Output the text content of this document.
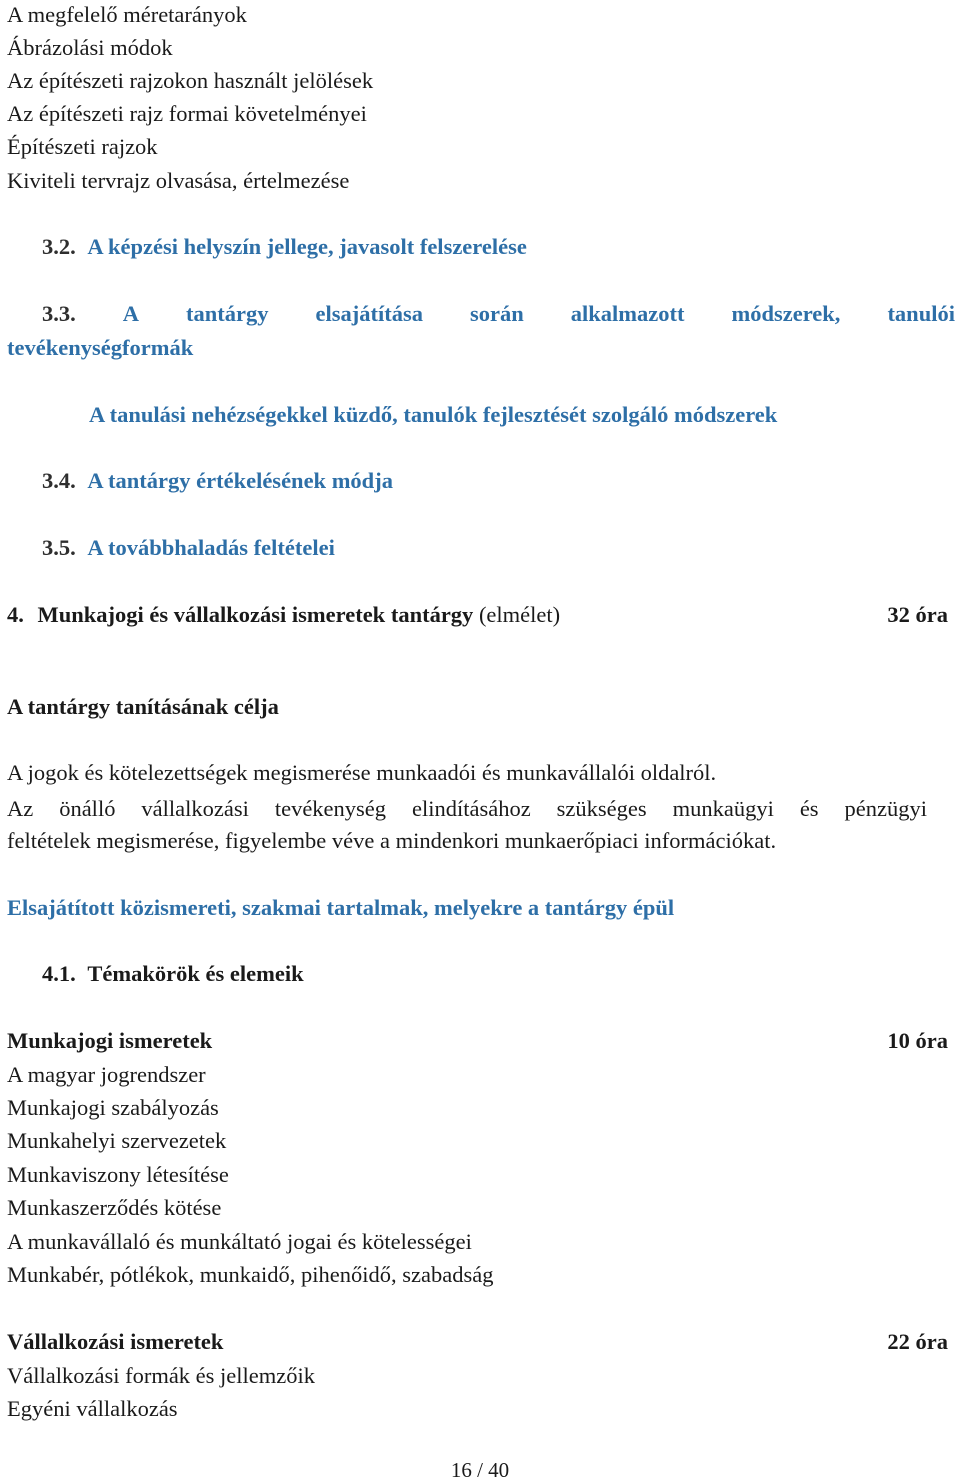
A megfelelő méretarányok
Ábrázolási módok
Az építészeti rajzokon használt jelölések
Az építészeti rajz formai követelményei
Építészeti rajzok
Kiviteli tervrajz olvasása, értelmezése
3.2. A képzési helyszín jellege, javasolt felszerelése
3.3. A tantárgy elsajátítása során alkalmazott módszerek, tanulói
tevékenységformák
A tanulási nehézségekkel küzdő, tanulók fejlesztését szolgáló módszerek
3.4. A tantárgy értékelésének módja
3.5. A továbbhaladás feltételei
4. Munkajogi és vállalkozási ismeretek tantárgy (elmélet)	32 óra
A tantárgy tanításának célja
A jogok és kötelezettségek megismerése munkaadói és munkavállalói oldalról.
Az önálló vállalkozási tevékenység elindításához szükséges munkaügyi és pénzügyi
feltételek megismerése, figyelembe véve a mindenkori munkaerőpiaci információkat.
Elsajátított közismereti, szakmai tartalmak, melyekre a tantárgy épül
4.1. Témakörök és elemeik
Munkajogi ismeretek	10 óra
A magyar jogrendszer
Munkajogi szabályozás
Munkahelyi szervezetek
Munkaviszony létesítése
Munkaszerződés kötése
A munkavállaló és munkáltató jogai és kötelességei
Munkabér, pótlékok, munkaidő, pihenőidő, szabadság
Vállalkozási ismeretek	22 óra
Vállalkozási formák és jellemzőik
Egyéni vállalkozás
16 / 40
